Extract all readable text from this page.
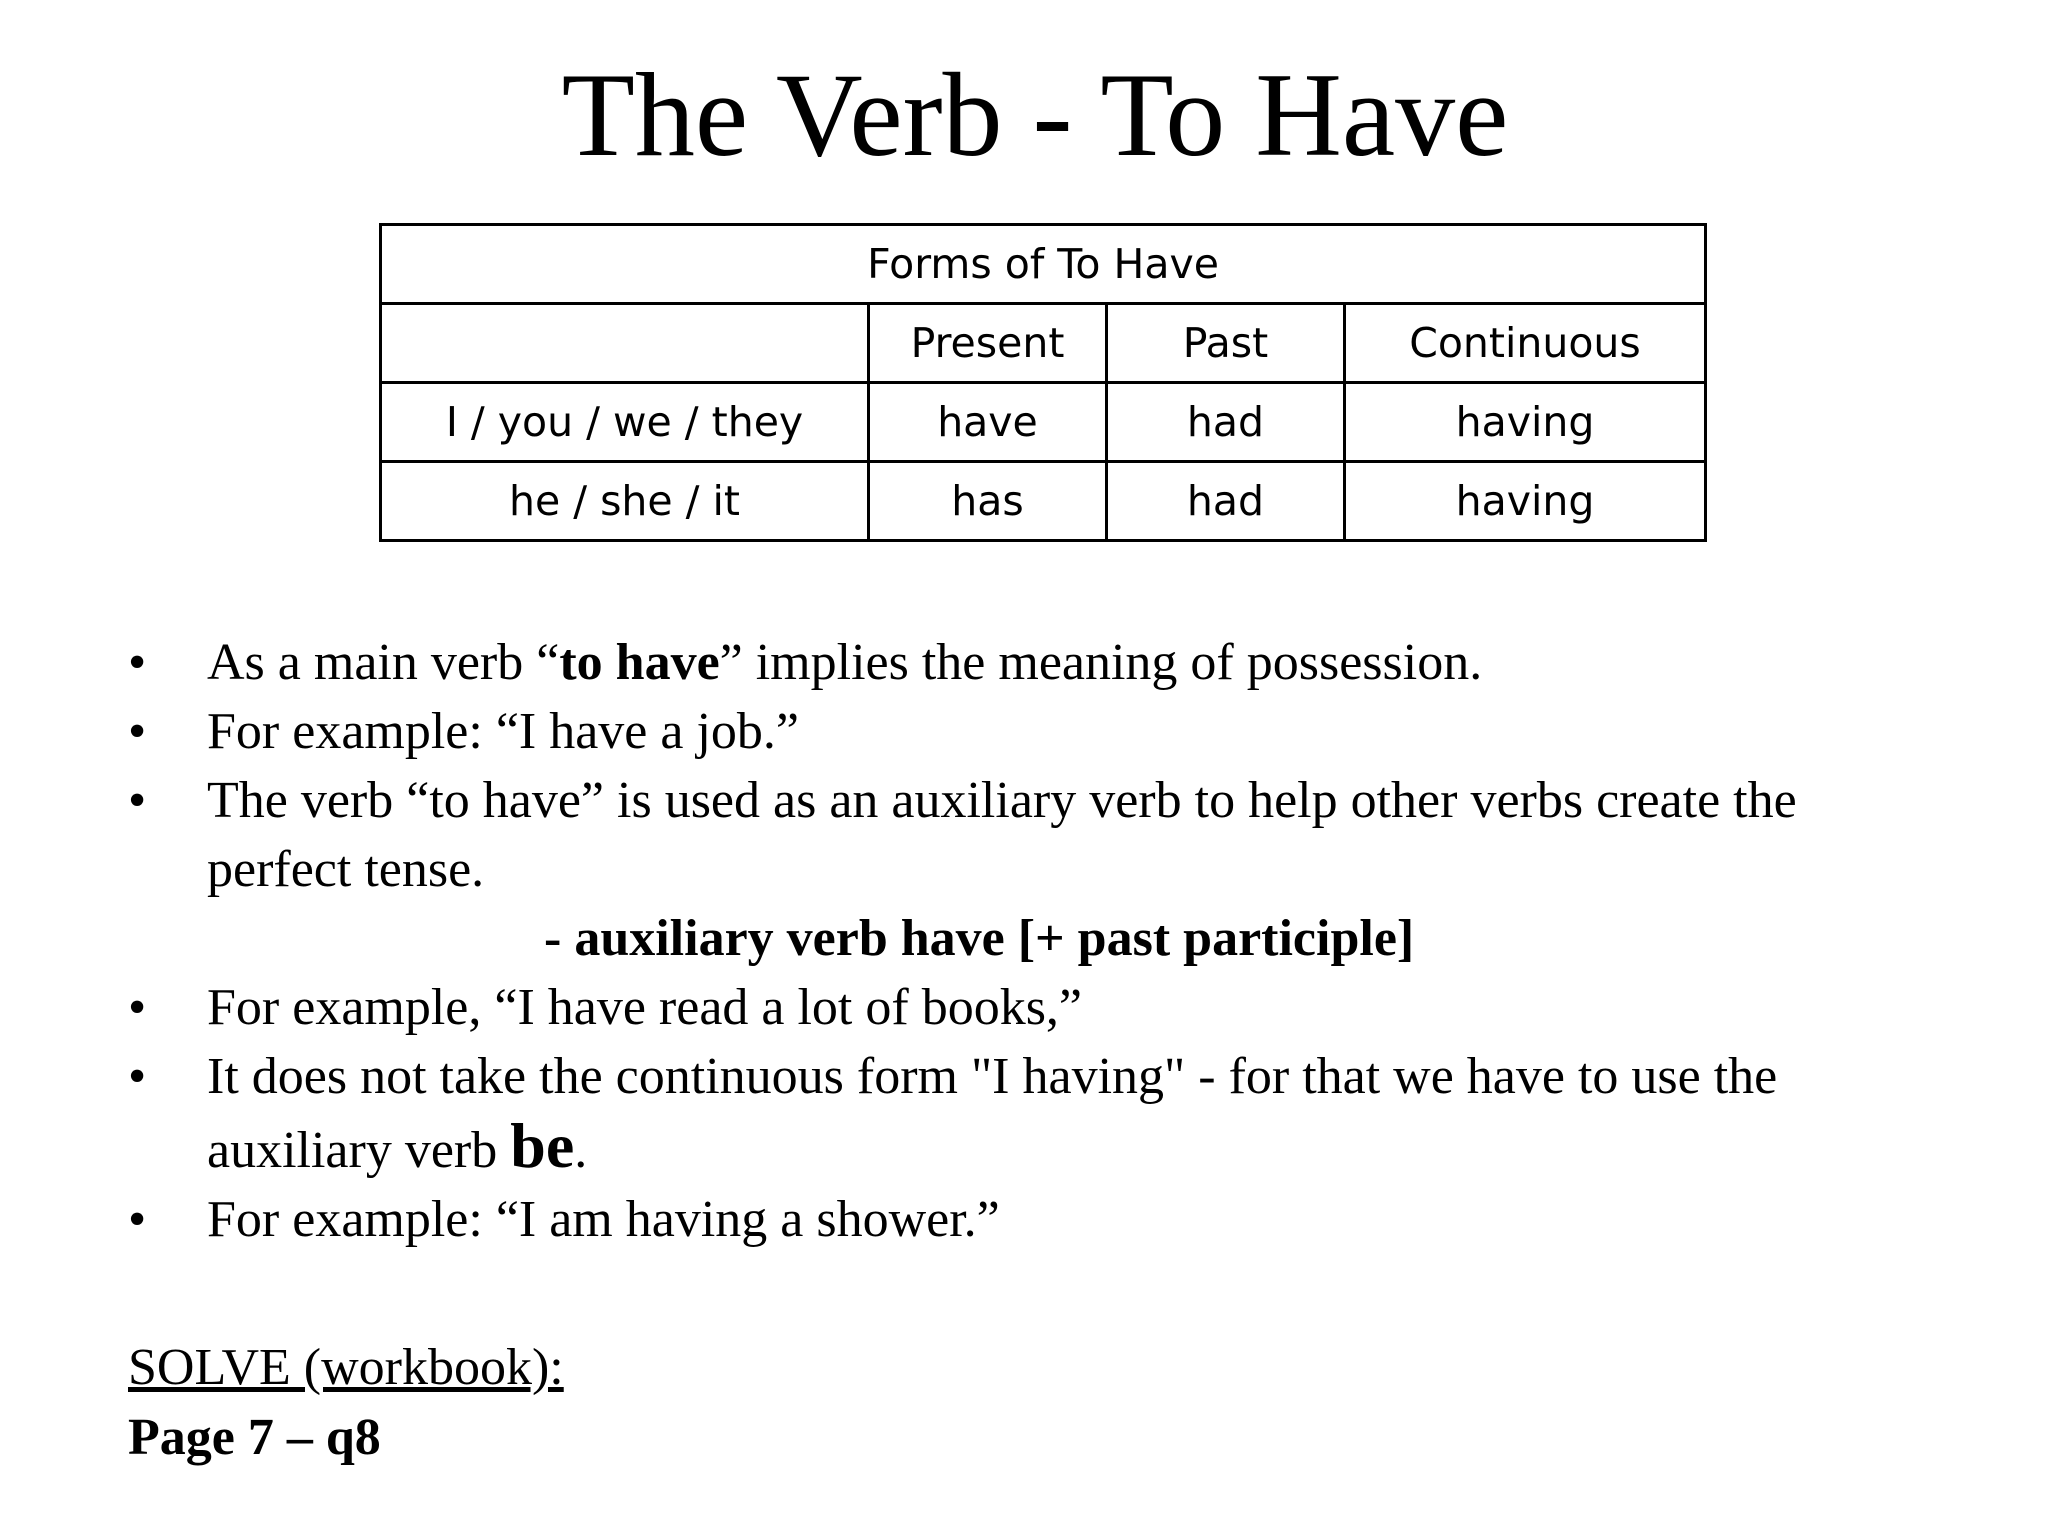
The Verb - To Have
Forms of To Have			
	Present	Past	Continuous
I / you / we / they	have	had	having
he / she / it	has	had	having
•	As a main verb “to have” implies the meaning of possession.
•	For example: “I have a job.”
•	The verb “to have” is used as an auxiliary verb to help other verbs create the
perfect tense.
- auxiliary verb have [+ past participle]
•	For example, “I have read a lot of books,”
•	It does not take the continuous form "I having" - for that we have to use the
auxiliary verb be.
•	For example: “I am having a shower.”
SOLVE (workbook):
Page 7 – q8
